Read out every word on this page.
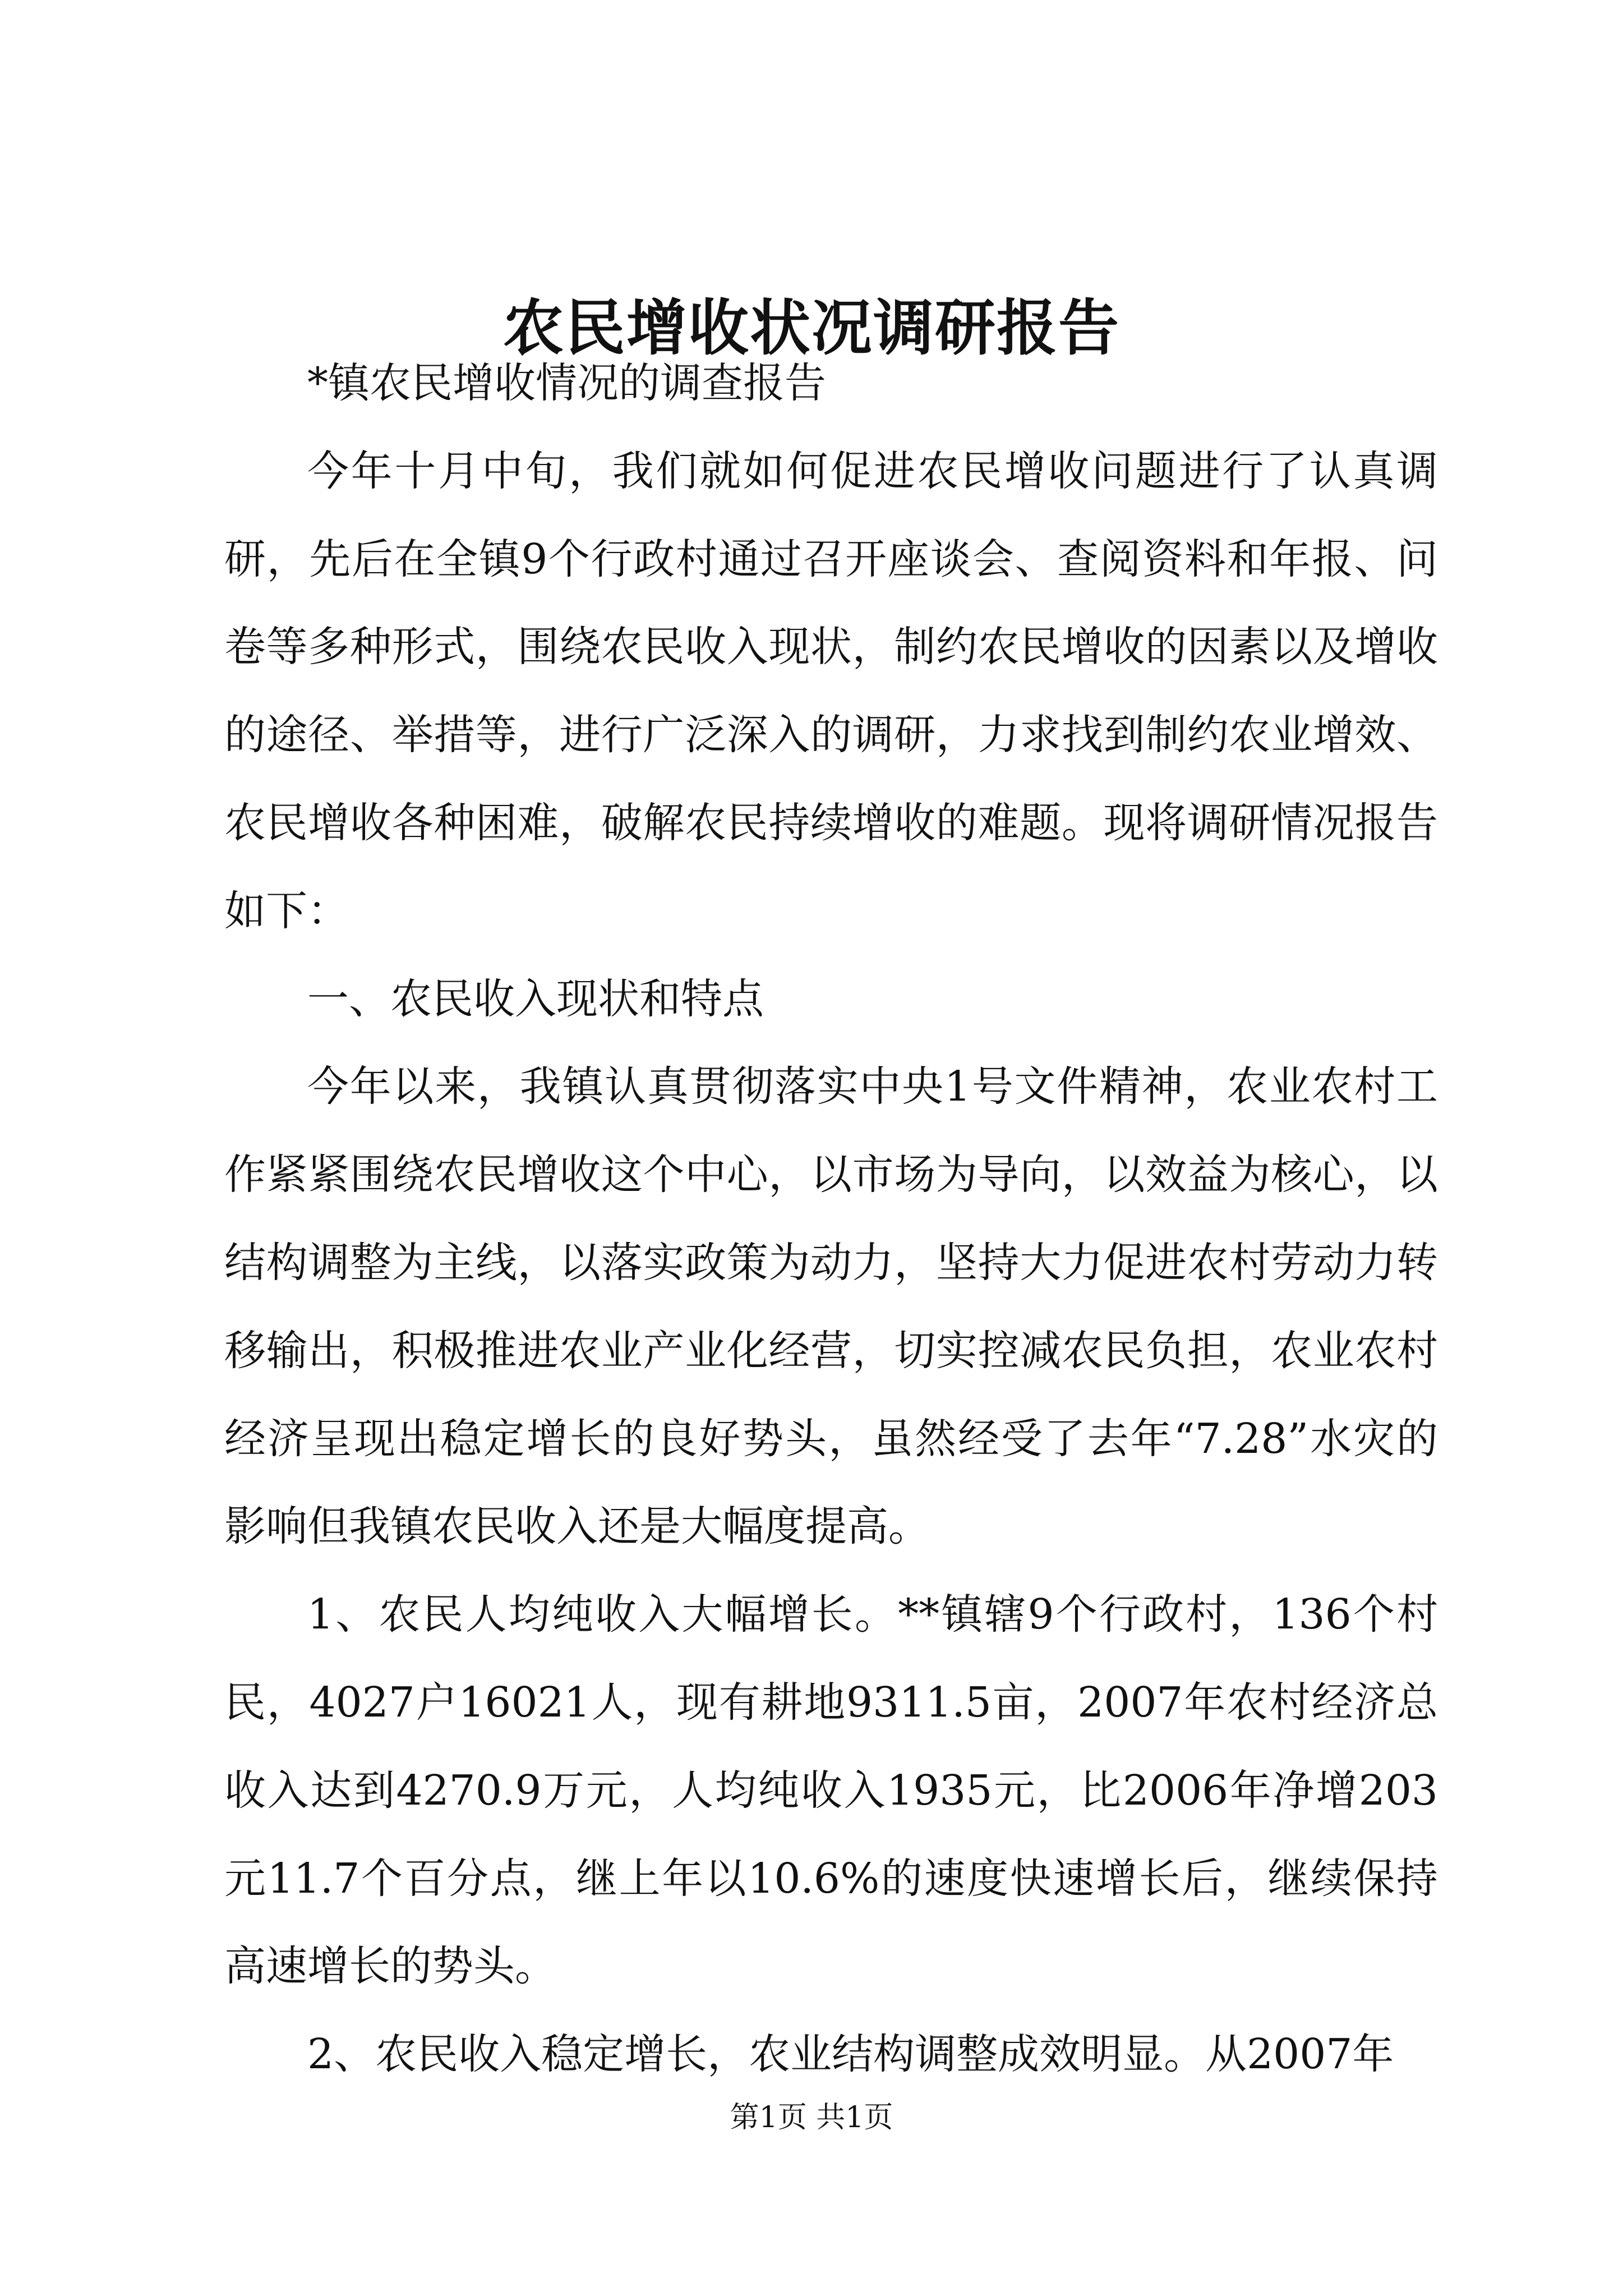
农民增收状况调研报告

*镇农民增收情况的调查报告

今年十月中旬，我们就如何促进农民增收问题进行了认真调研，先后在全镇9个行政村通过召开座谈会、查阅资料和年报、问卷等多种形式，围绕农民收入现状，制约农民增收的因素以及增收的途径、举措等，进行广泛深入的调研，力求找到制约农业增效、农民增收各种困难，破解农民持续增收的难题。现将调研情况报告如下：

一、农民收入现状和特点

今年以来，我镇认真贯彻落实中央1号文件精神，农业农村工作紧紧围绕农民增收这个中心，以市场为导向，以效益为核心，以结构调整为主线，以落实政策为动力，坚持大力促进农村劳动力转移输出，积极推进农业产业化经营，切实控减农民负担，农业农村经济呈现出稳定增长的良好势头，虽然经受了去年“7.28”水灾的影响但我镇农民收入还是大幅度提高。

1、农民人均纯收入大幅增长。**镇辖9个行政村，136个村民，4027户16021人，现有耕地9311.5亩，2007年农村经济总收入达到4270.9万元，人均纯收入1935元，比2006年净增203元11.7个百分点，继上年以10.6%的速度快速增长后，继续保持高速增长的势头。

2、农民收入稳定增长，农业结构调整成效明显。从2007年

第1页 共1页
